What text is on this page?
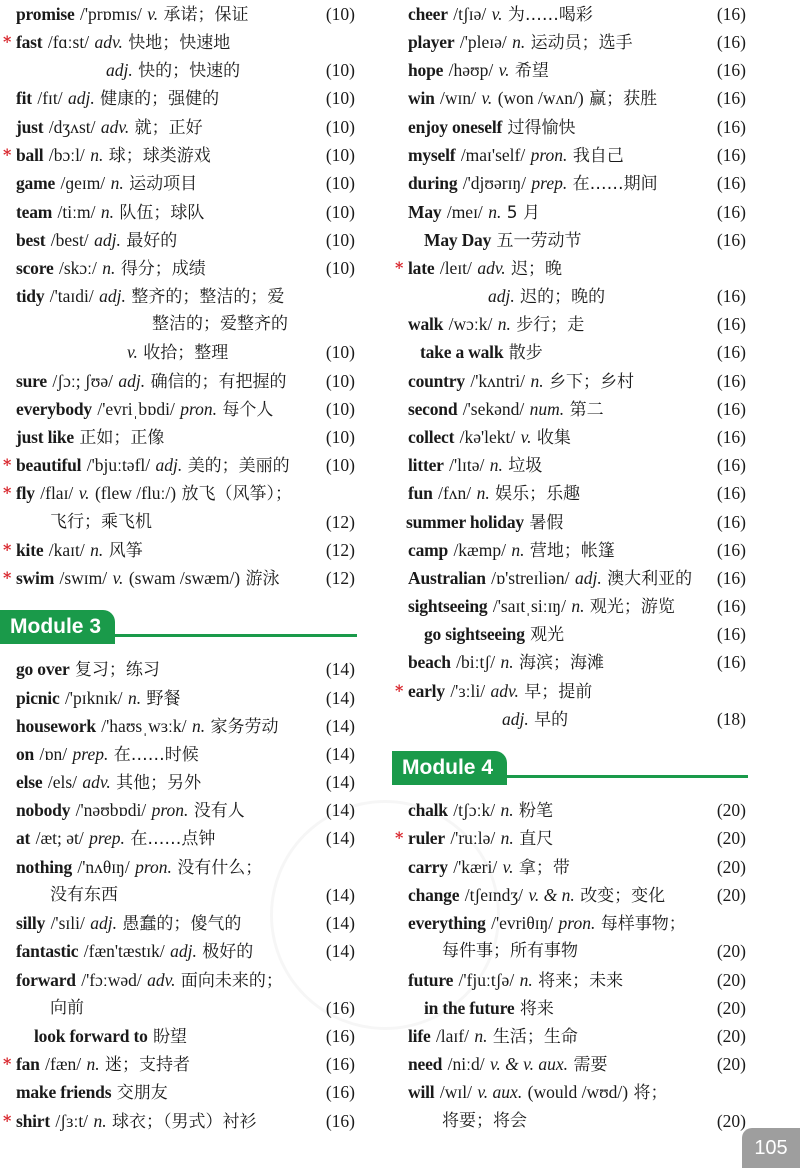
promise /'prɒmɪs/ v. 承诺；保证	(10)
* fast /fɑːst/ adv. 快地；快速地
adj. 快的；快速的	(10)
fit /fɪt/ adj. 健康的；强健的	(10)
just /dʒʌst/ adv. 就；正好	(10)
* ball /bɔːl/ n. 球；球类游戏	(10)
game /ɡeɪm/ n. 运动项目	(10)
team /tiːm/ n. 队伍；球队	(10)
best /best/ adj. 最好的	(10)
score /skɔː/ n. 得分；成绩	(10)
tidy /'taɪdi/ adj. 整齐的；整洁的；爱
整洁的；爱整齐的
v. 收拾；整理	(10)
sure /ʃɔː; ʃʊə/ adj. 确信的；有把握的 (10)
everybody /'evriˌbɒdi/ pron. 每个人	(10)
just like 正如；正像	(10)
* beautiful /'bjuːtəfl/ adj. 美的；美丽的 (10)
* fly /flaɪ/ v. (flew /fluː/) 放飞（风筝）；
飞行；乘飞机	(12)
* kite /kaɪt/ n. 风筝	(12)
* swim /swɪm/ v. (swam /swæm/) 游泳	(12)
go over 复习；练习	(14)
picnic /'pɪknɪk/ n. 野餐	(14)
housework /'haʊsˌwɜːk/ n. 家务劳动	(14)
on /ɒn/ prep. 在……时候	(14)
else /els/ adv. 其他；另外	(14)
nobody /'nəʊbɒdi/ pron. 没有人	(14)
at /æt; ət/ prep. 在……点钟	(14)
nothing /'nʌθɪŋ/ pron. 没有什么；
没有东西	(14)
silly /'sɪli/ adj. 愚蠢的；傻气的	(14)
fantastic /fæn'tæstɪk/ adj. 极好的	(14)
forward /'fɔːwəd/ adv. 面向未来的；
向前	(16)
look forward to 盼望	(16)
* fan /fæn/ n. 迷；支持者	(16)
make friends 交朋友	(16)
* shirt /ʃɜːt/ n. 球衣；（男式）衬衫	(16)
cheer /tʃɪə/ v. 为……喝彩	(16)
player /'pleɪə/ n. 运动员；选手	(16)
hope /həʊp/ v. 希望	(16)
win /wɪn/ v. (won /wʌn/) 赢；获胜	(16)
enjoy oneself 过得愉快	(16)
myself /maɪ'self/ pron. 我自己	(16)
during /'djʊərɪŋ/ prep. 在……期间	(16)
May /meɪ/ n. 5 月	(16)
May Day 五一劳动节	(16)
* late /leɪt/ adv. 迟；晚
adj. 迟的；晚的	(16)
walk /wɔːk/ n. 步行；走	(16)
take a walk 散步	(16)
country /'kʌntri/ n. 乡下；乡村	(16)
second /'sekənd/ num. 第二	(16)
collect /kə'lekt/ v. 收集	(16)
litter /'lɪtə/ n. 垃圾	(16)
fun /fʌn/ n. 娱乐；乐趣	(16)
summer holiday 暑假	(16)
camp /kæmp/ n. 营地；帐篷	(16)
Australian /ɒ'streɪliən/ adj. 澳大利亚的 (16)
sightseeing /'saɪtˌsiːɪŋ/ n. 观光；游览 (16)
go sightseeing 观光	(16)
beach /biːtʃ/ n. 海滨；海滩	(16)
* early /'ɜːli/ adv. 早；提前
adj. 早的	(18)
chalk /tʃɔːk/ n. 粉笔	(20)
* ruler /'ruːlə/ n. 直尺	(20)
carry /'kæri/ v. 拿；带	(20)
change /tʃeɪndʒ/ v. & n. 改变；变化	(20)
everything /'evriθɪŋ/ pron. 每样事物；
每件事；所有事物	(20)
future /'fjuːtʃə/ n. 将来；未来	(20)
in the future 将来	(20)
life /laɪf/ n. 生活；生命	(20)
need /niːd/ v. & v. aux. 需要	(20)
will /wɪl/ v. aux. (would /wʊd/) 将；
将要；将会	(20)
Module 3
Module 4
105
